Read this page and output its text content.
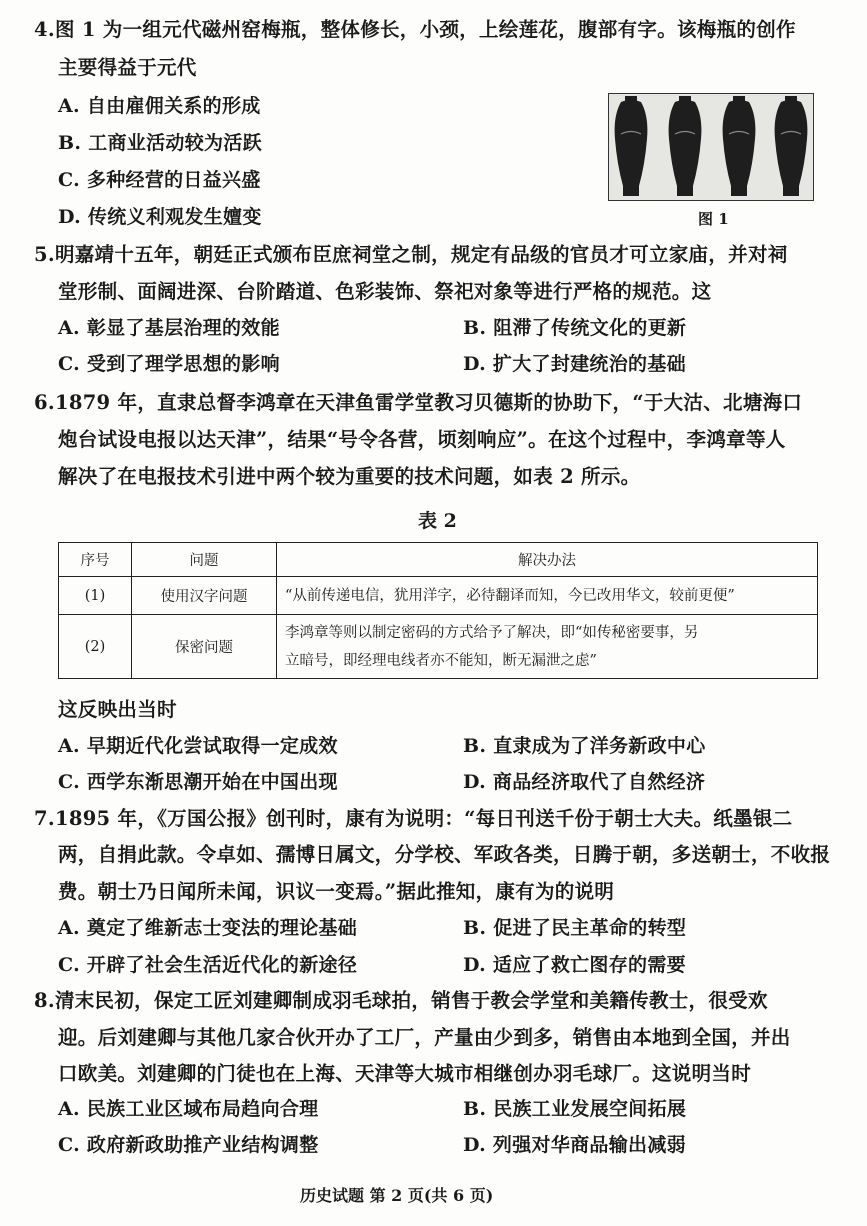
4.图 1 为一组元代磁州窑梅瓶，整体修长，小颈，上绘莲花，腹部有字。该梅瓶的创作
主要得益于元代
A. 自由雇佣关系的形成
B. 工商业活动较为活跃
C. 多种经营的日益兴盛
D. 传统义利观发生嬗变	图 1
5.明嘉靖十五年，朝廷正式颁布臣庶祠堂之制，规定有品级的官员才可立家庙，并对祠
堂形制、面阔进深、台阶踏道、色彩装饰、祭祀对象等进行严格的规范。这
A. 彰显了基层治理的效能	B. 阻滞了传统文化的更新
C. 受到了理学思想的影响	D. 扩大了封建统治的基础
6.1879 年，直隶总督李鸿章在天津鱼雷学堂教习贝德斯的协助下，“于大沽、北塘海口
炮台试设电报以达天津”，结果“号令各营，顷刻响应”。在这个过程中，李鸿章等人
解决了在电报技术引进中两个较为重要的技术问题，如表 2 所示。
表 2
序号	问题	解决办法
(1)	使用汉字问题	“从前传递电信，犹用洋字，必待翻译而知，今已改用华文，较前更便”
(2)	保密问题	李鸿章等则以制定密码的方式给予了解决，即“如传秘密要事，另
立暗号，即经理电线者亦不能知，断无漏泄之虑”
这反映出当时
A. 早期近代化尝试取得一定成效	B. 直隶成为了洋务新政中心
C. 西学东渐思潮开始在中国出现	D. 商品经济取代了自然经济
7.1895 年，《万国公报》创刊时，康有为说明：“每日刊送千份于朝士大夫。纸墨银二
两，自捐此款。令卓如、孺博日属文，分学校、军政各类，日腾于朝，多送朝士，不收报
费。朝士乃日闻所未闻，识议一变焉。”据此推知，康有为的说明
A. 奠定了维新志士变法的理论基础	B. 促进了民主革命的转型
C. 开辟了社会生活近代化的新途径	D. 适应了救亡图存的需要
8.清末民初，保定工匠刘建卿制成羽毛球拍，销售于教会学堂和美籍传教士，很受欢
迎。后刘建卿与其他几家合伙开办了工厂，产量由少到多，销售由本地到全国，并出
口欧美。刘建卿的门徒也在上海、天津等大城市相继创办羽毛球厂。这说明当时
A. 民族工业区域布局趋向合理	B. 民族工业发展空间拓展
C. 政府新政助推产业结构调整	D. 列强对华商品输出减弱
历史试题 第 2 页(共 6 页)
